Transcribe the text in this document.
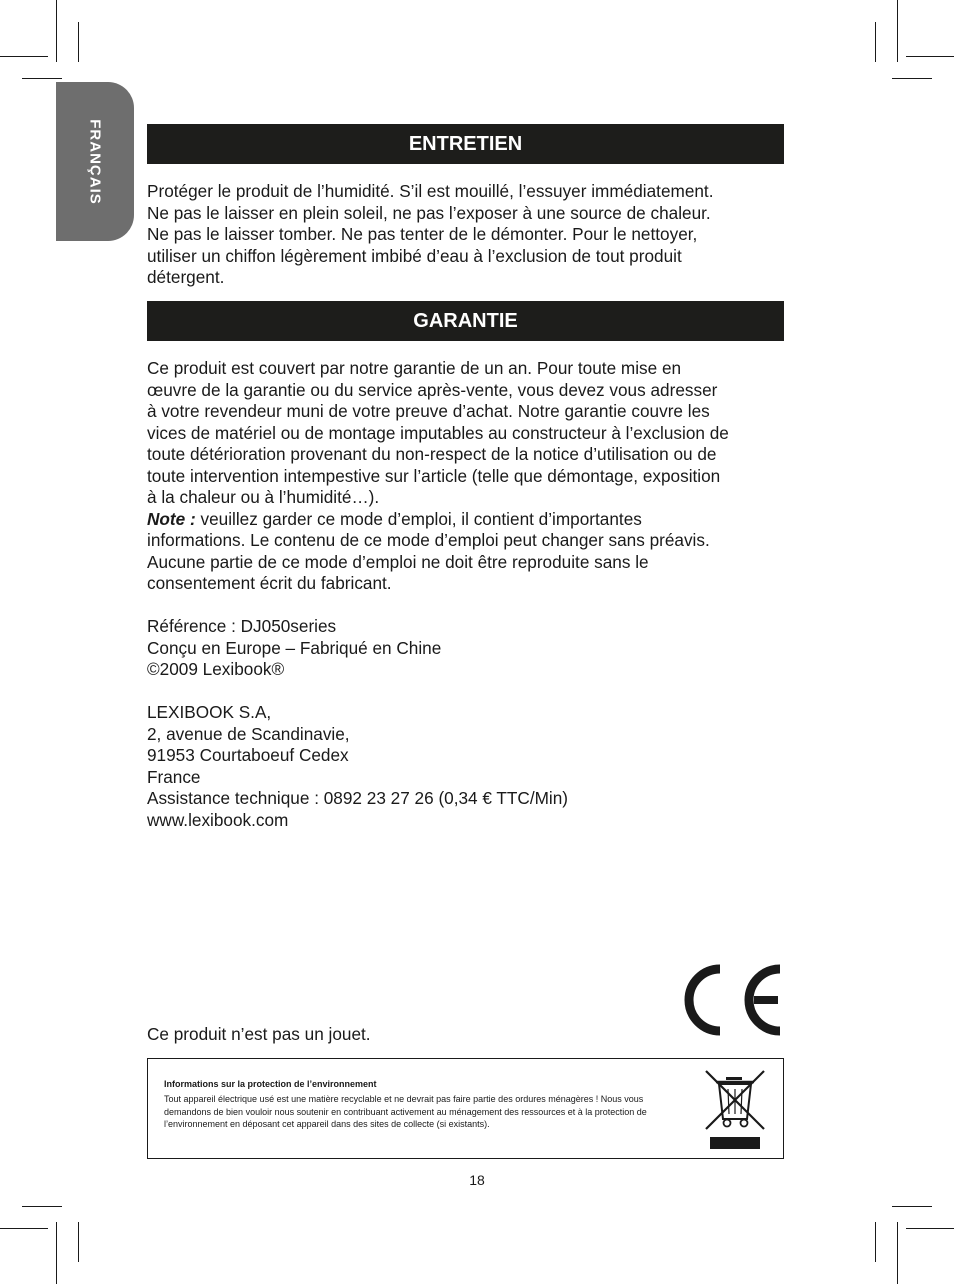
FRANÇAIS	ENTRETIEN

Protéger le produit de l’humidité. S’il est mouillé, l’essuyer immédiatement.

Ne pas le laisser en plein soleil, ne pas l’exposer à une source de chaleur.

Ne pas le laisser tomber. Ne pas tenter de le démonter. Pour le nettoyer,

utiliser un chiffon légèrement imbibé d’eau à l’exclusion de tout produit

détergent.

GARANTIE

Ce produit est couvert par notre garantie de un an. Pour toute mise en

œuvre de la garantie ou du service après-vente, vous devez vous adresser

à votre revendeur muni de votre preuve d’achat. Notre garantie couvre les

vices de matériel ou de montage imputables au constructeur à l’exclusion de

toute détérioration provenant du non-respect de la notice d’utilisation ou de

toute intervention intempestive sur l’article (telle que démontage, exposition

à la chaleur ou à l’humidité…).

Note : veuillez garder ce mode d’emploi, il contient d’importantes

informations. Le contenu de ce mode d’emploi peut changer sans préavis.

Aucune partie de ce mode d’emploi ne doit être reproduite sans le

consentement écrit du fabricant.

Référence : DJ050series

Conçu en Europe – Fabriqué en Chine

©2009 Lexibook®

LEXIBOOK S.A,

2, avenue de Scandinavie,

91953 Courtaboeuf Cedex

France

Assistance technique : 0892 23 27 26 (0,34 € TTC/Min)

www.lexibook.com

Ce produit n’est pas un jouet.
Informations sur la protection de l’environnement
Tout appareil électrique usé est une matière recyclable et ne devrait pas faire partie des ordures ménagères ! Nous vous
demandons de bien vouloir nous soutenir en contribuant activement au ménagement des ressources et à la protection de
l’environnement en déposant cet appareil dans des sites de collecte (si existants).
18
